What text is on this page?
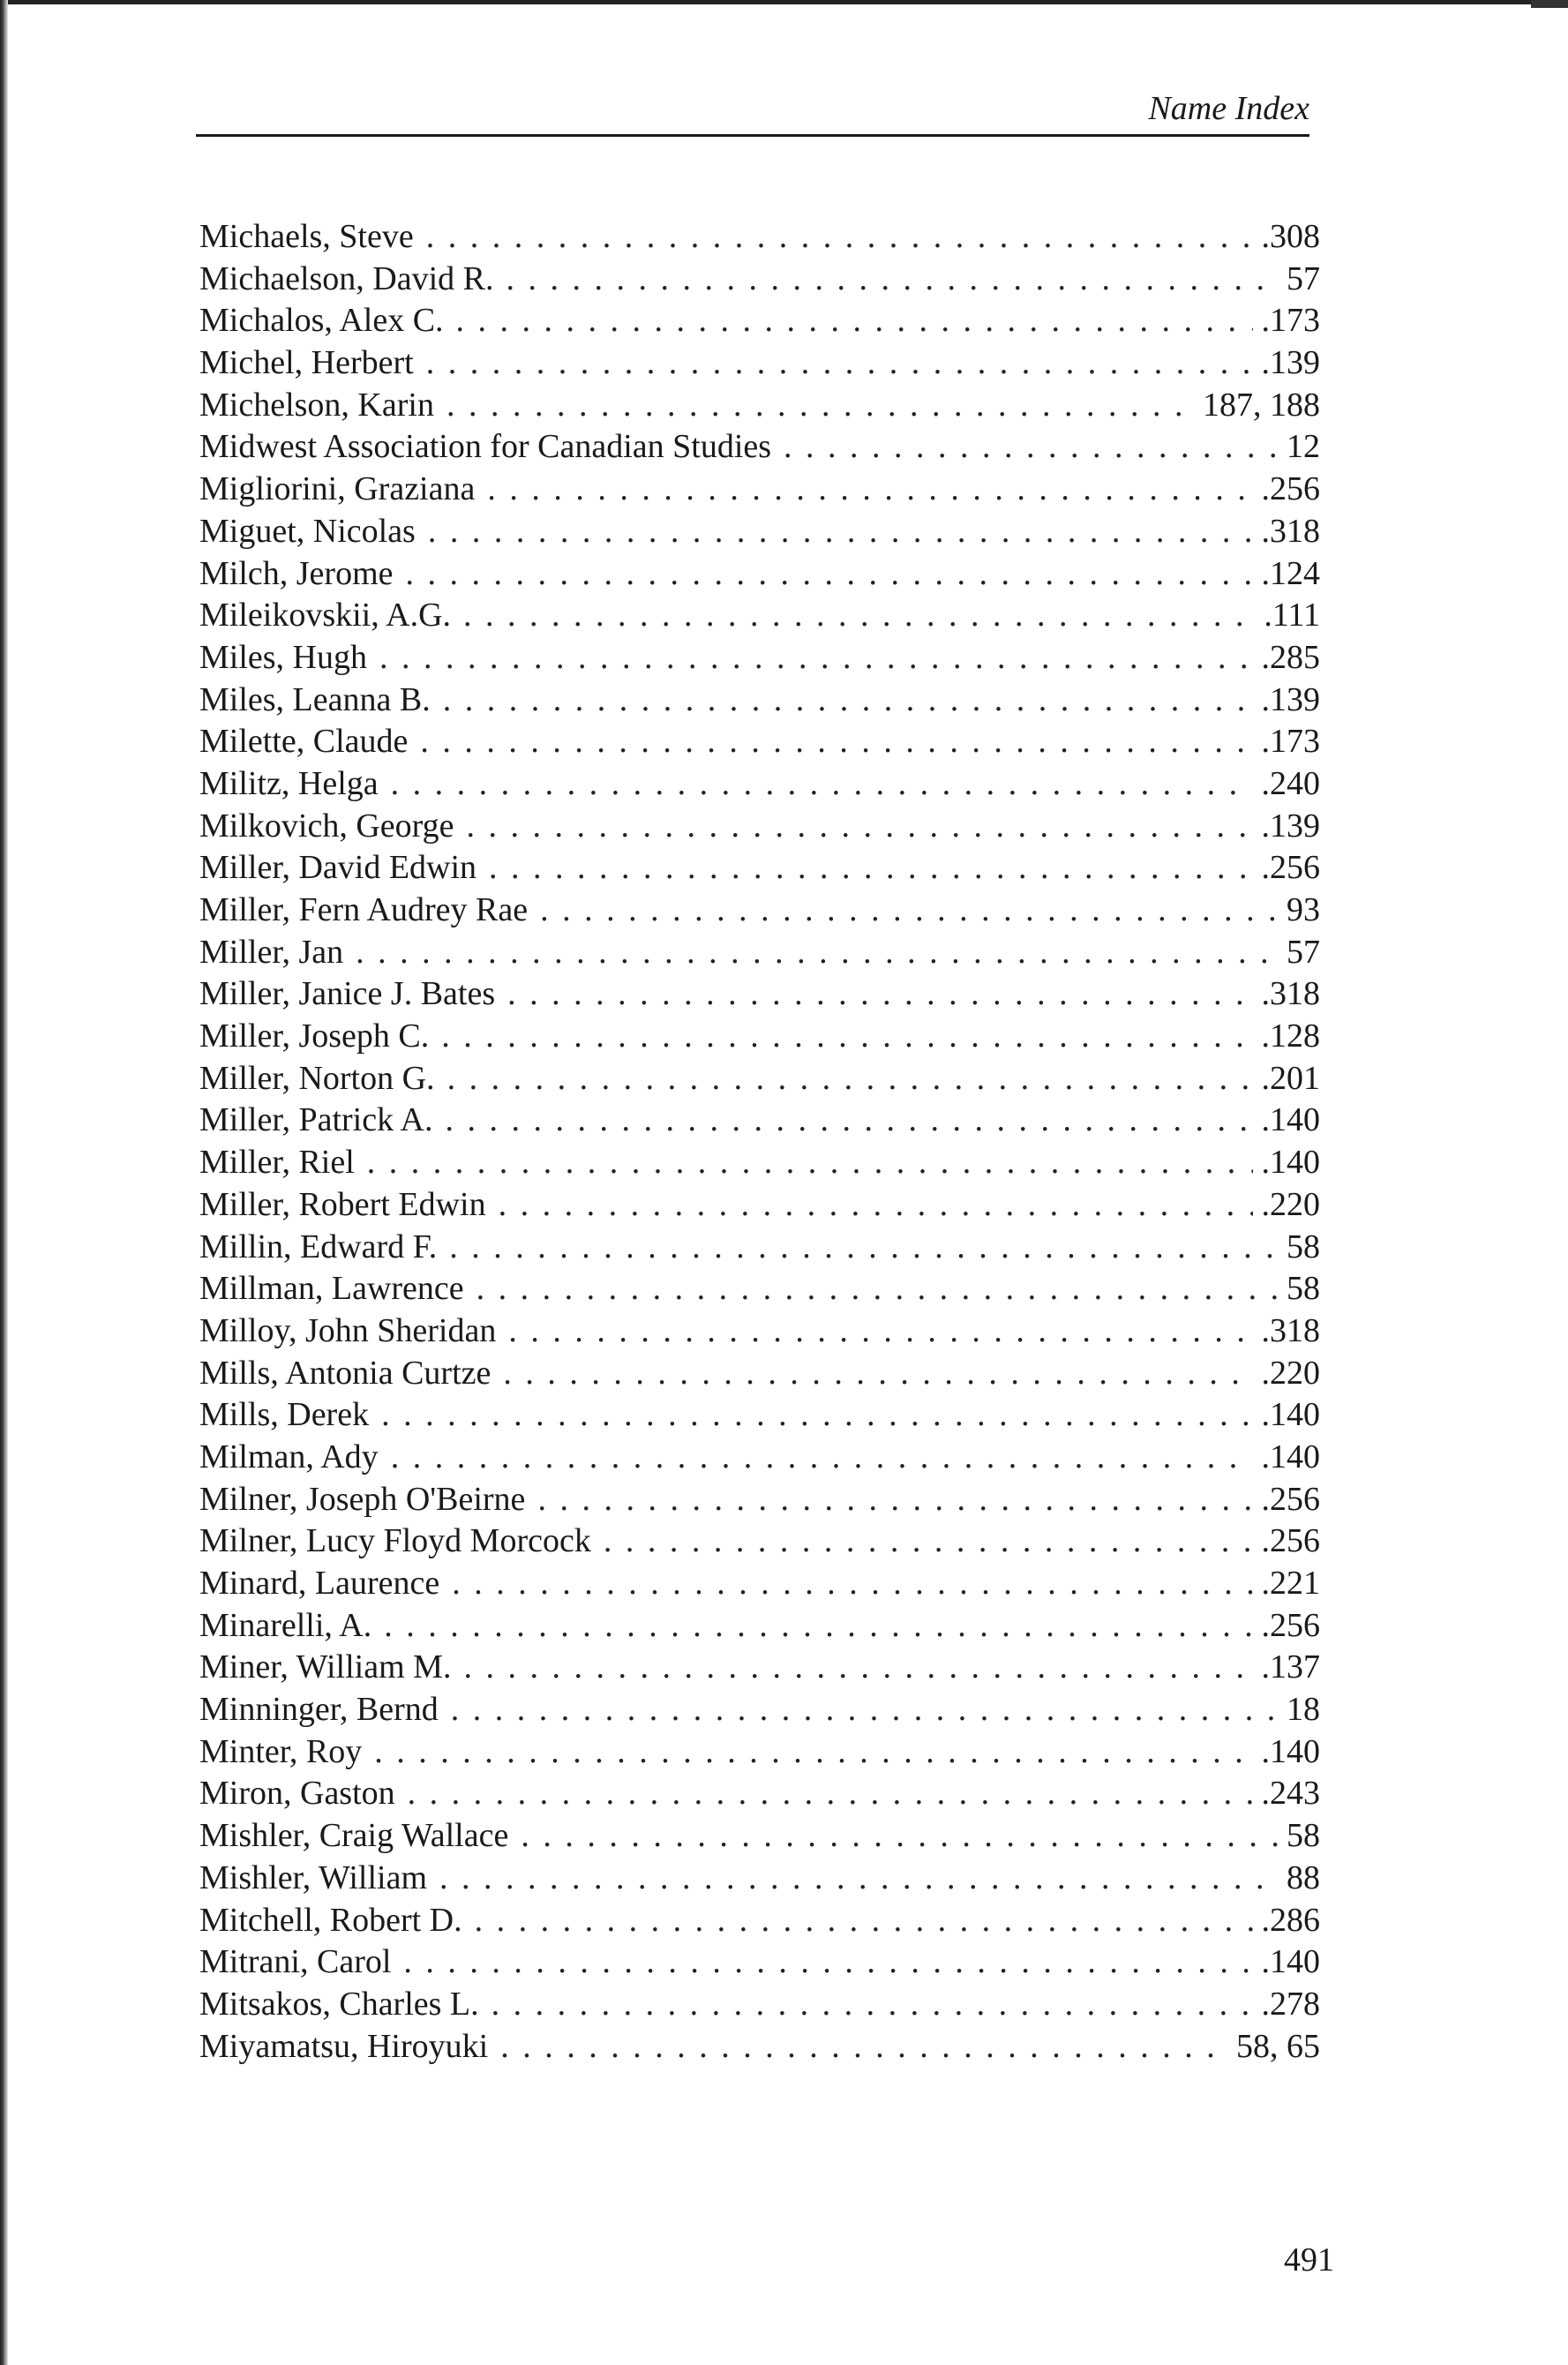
Name Index
Michaels, Steve . . .	.308
Michaelson, David R. . . .	57
Michalos, Alex C. . . .	.173
Michel, Herbert . . .	.139
Michelson, Karin . . .	187, 188
Midwest Association for Canadian Studies . . .	12
Migliorini, Graziana . . .	.256
Miguet, Nicolas . . .	.318
Milch, Jerome . . .	.124
Mileikovskii, A.G. . . .	.111
Miles, Hugh . . .	.285
Miles, Leanna B. . . .	.139
Milette, Claude . . .	.173
Militz, Helga . . .	.240
Milkovich, George . . .	.139
Miller, David Edwin . . .	.256
Miller, Fern Audrey Rae . . .	93
Miller, Jan . . .	57
Miller, Janice J. Bates . . .	.318
Miller, Joseph C. . . .	.128
Miller, Norton G. . . .	.201
Miller, Patrick A. . . .	.140
Miller, Riel . . .	.140
Miller, Robert Edwin . . .	.220
Millin, Edward F. . . .	58
Millman, Lawrence . . .	58
Milloy, John Sheridan . . .	.318
Mills, Antonia Curtze . . .	.220
Mills, Derek . . .	.140
Milman, Ady . . .	.140
Milner, Joseph O'Beirne . . .	.256
Milner, Lucy Floyd Morcock . . .	.256
Minard, Laurence . . .	.221
Minarelli, A. . . .	.256
Miner, William M. . . .	.137
Minninger, Bernd . . .	18
Minter, Roy . . .	.140
Miron, Gaston . . .	.243
Mishler, Craig Wallace . . .	58
Mishler, William . . .	88
Mitchell, Robert D. . . .	.286
Mitrani, Carol . . .	.140
Mitsakos, Charles L. . . .	.278
Miyamatsu, Hiroyuki . . .	58, 65
491
